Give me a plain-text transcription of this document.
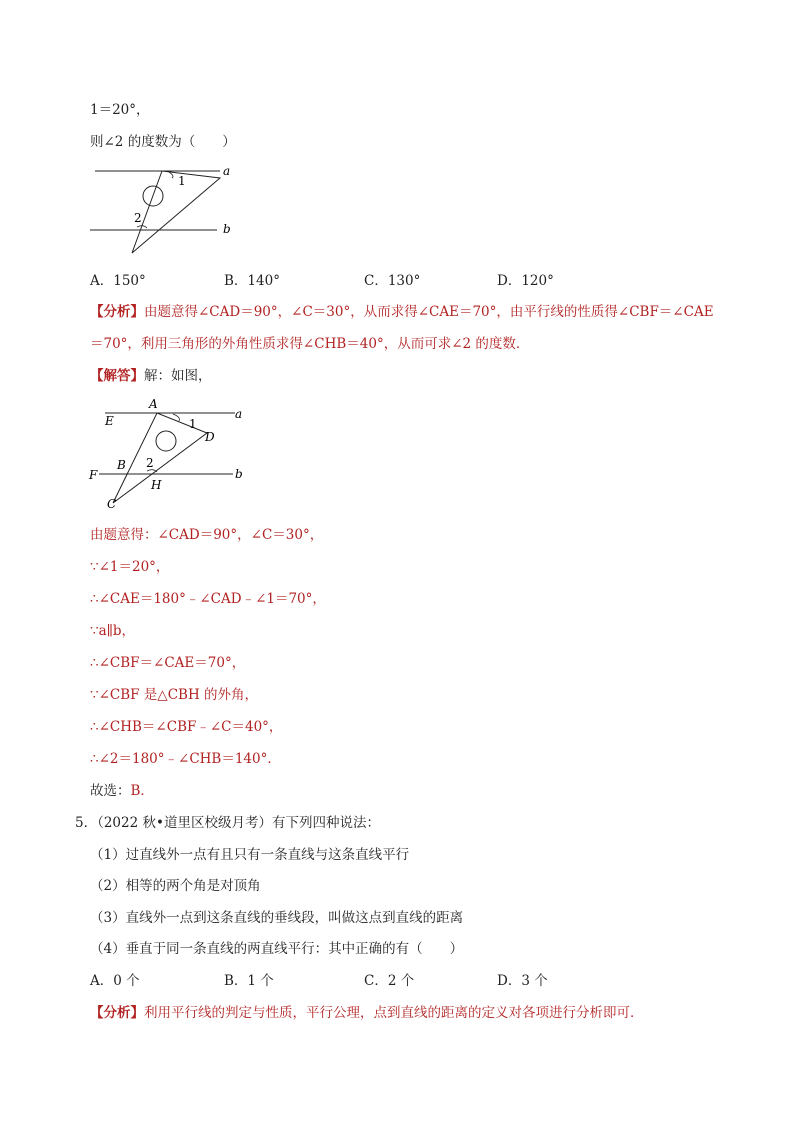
1＝20°，
则∠2 的度数为（　　）
a
b
1
2
A．150°	B．140°	C．130°	D．120°
【分析】由题意得∠CAD＝90°，∠C＝30°，从而求得∠CAE＝70°，由平行线的性质得∠CBF＝∠CAE
＝70°，利用三角形的外角性质求得∠CHB＝40°，从而可求∠2 的度数．
【解答】解：如图，
A
E	a
1
D
B 2
F
H
b
C
由题意得：∠CAD＝90°，∠C＝30°，
∵∠1＝20°，
∴∠CAE＝180°﹣∠CAD﹣∠1＝70°，
∵a∥b，
∴∠CBF＝∠CAE＝70°，
∵∠CBF 是△CBH 的外角，
∴∠CHB＝∠CBF﹣∠C＝40°，
∴∠2＝180°﹣∠CHB＝140°．
故选：B．
5．（2022 秋•道里区校级月考）有下列四种说法：
（1）过直线外一点有且只有一条直线与这条直线平行
（2）相等的两个角是对顶角
（3）直线外一点到这条直线的垂线段，叫做这点到直线的距离
（4）垂直于同一条直线的两直线平行：其中正确的有（　　）
A．0 个	B．1 个	C．2 个	D．3 个
【分析】利用平行线的判定与性质，平行公理，点到直线的距离的定义对各项进行分析即可．
